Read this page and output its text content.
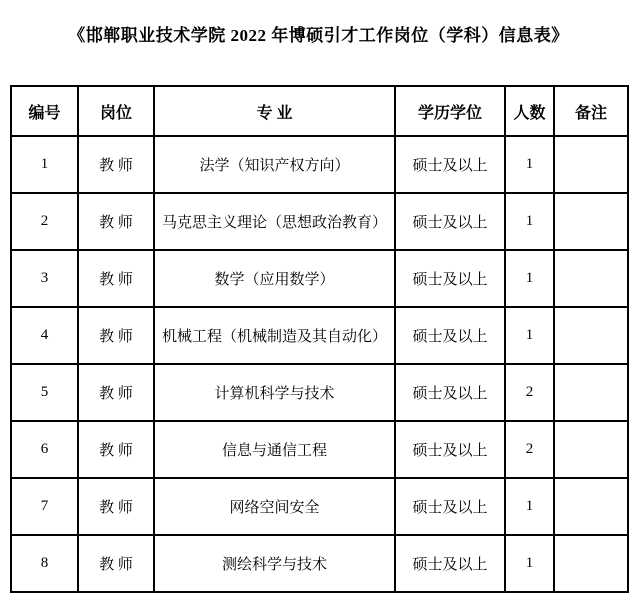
《邯郸职业技术学院 2022 年博硕引才工作岗位（学科）信息表》
编号	岗位	专 业	学历学位	人数	备注
1	教 师	法学（知识产权方向）	硕士及以上	1	
2	教 师	马克思主义理论（思想政治教育）	硕士及以上	1	
3	教 师	数学（应用数学）	硕士及以上	1	
4	教 师	机械工程（机械制造及其自动化）	硕士及以上	1	
5	教 师	计算机科学与技术	硕士及以上	2	
6	教 师	信息与通信工程	硕士及以上	2	
7	教 师	网络空间安全	硕士及以上	1	
8	教 师	测绘科学与技术	硕士及以上	1	
